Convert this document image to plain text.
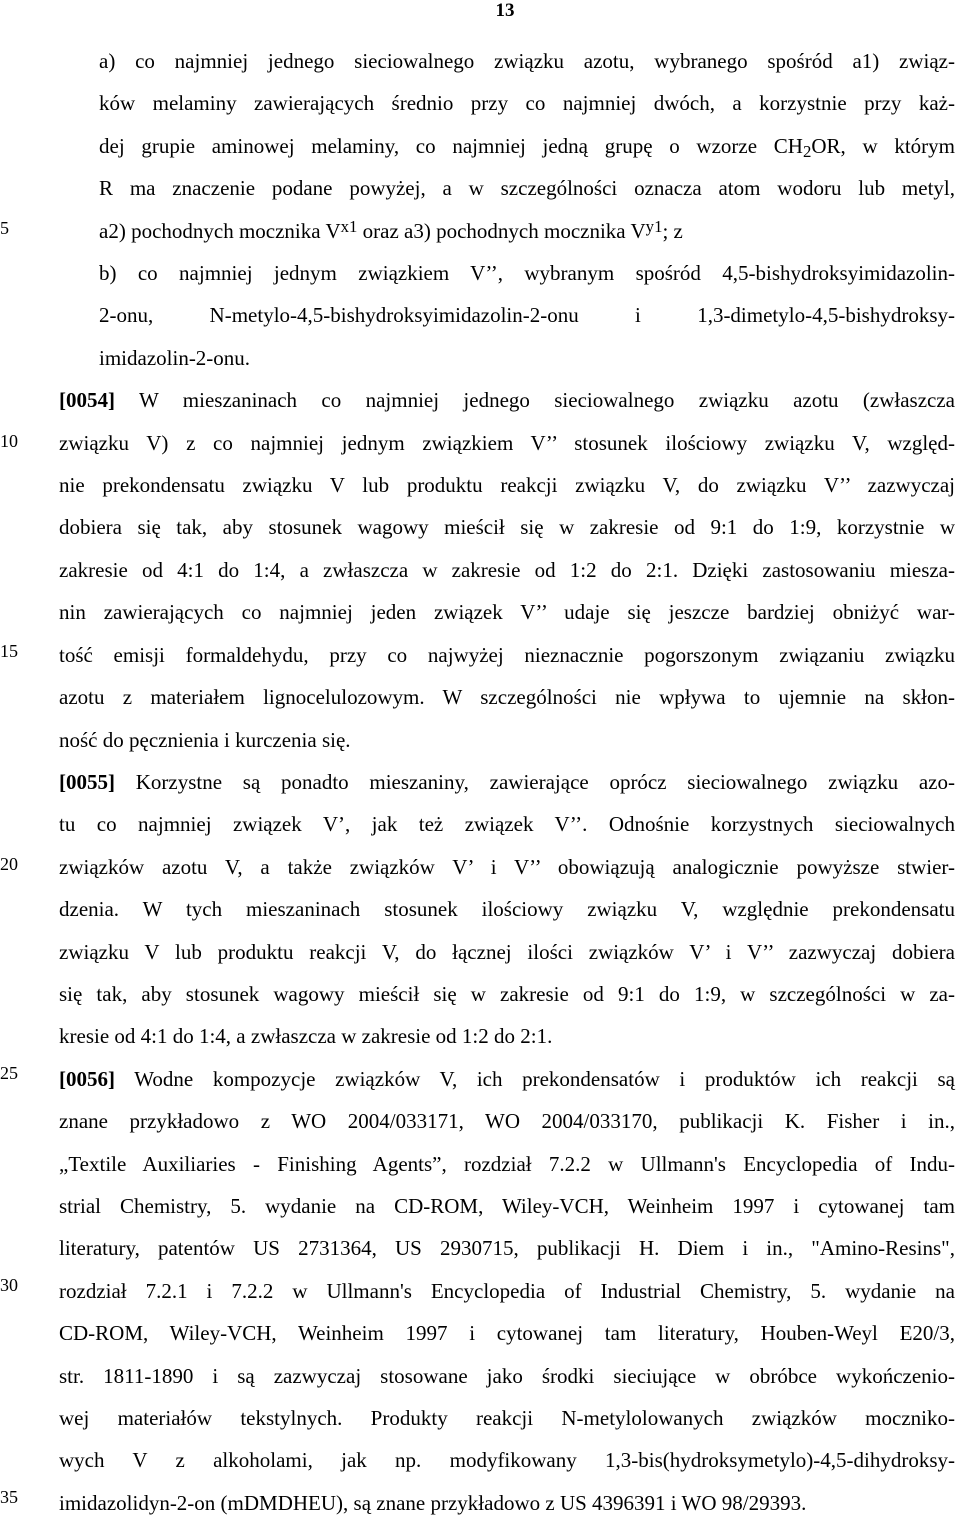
13
5
10
15
20
25
30
35
a) co najmniej jednego sieciowalnego związku azotu, wybranego spośród a1) związ-
ków melaminy zawierających średnio przy co najmniej dwóch, a korzystnie przy każ-
dej grupie aminowej melaminy, co najmniej jedną grupę o wzorze $CH_2OR$, w którym
R ma znaczenie podane powyżej, a w szczególności oznacza atom wodoru lub metyl,
a2) pochodnych mocznika $V^{x1}$ oraz a3) pochodnych mocznika $V^{y1}$; z
b) co najmniej jednym związkiem V’’, wybranym spośród 4,5-bishydroksyimidazolin-
2-onu, N-metylo-4,5-bishydroksyimidazolin-2-onu i 1,3-dimetylo-4,5-bishydroksy-
imidazolin-2-onu.
[0054] W mieszaninach co najmniej jednego sieciowalnego związku azotu (zwłaszcza
związku V) z co najmniej jednym związkiem V’’ stosunek ilościowy związku V, względ-
nie prekondensatu związku V lub produktu reakcji związku V, do związku V’’ zazwyczaj
dobiera się tak, aby stosunek wagowy mieścił się w zakresie od 9:1 do 1:9, korzystnie w
zakresie od 4:1 do 1:4, a zwłaszcza w zakresie od 1:2 do 2:1. Dzięki zastosowaniu miesza-
nin zawierających co najmniej jeden związek V’’ udaje się jeszcze bardziej obniżyć war-
tość emisji formaldehydu, przy co najwyżej nieznacznie pogorszonym związaniu związku
azotu z materiałem lignocelulozowym. W szczególności nie wpływa to ujemnie na skłon-
ność do pęcznienia i kurczenia się.
[0055] Korzystne są ponadto mieszaniny, zawierające oprócz sieciowalnego związku azo-
tu co najmniej związek V’, jak też związek V’’. Odnośnie korzystnych sieciowalnych
związków azotu V, a także związków V’ i V’’ obowiązują analogicznie powyższe stwier-
dzenia. W tych mieszaninach stosunek ilościowy związku V, względnie prekondensatu
związku V lub produktu reakcji V, do łącznej ilości związków V’ i V’’ zazwyczaj dobiera
się tak, aby stosunek wagowy mieścił się w zakresie od 9:1 do 1:9, w szczególności w za-
kresie od 4:1 do 1:4, a zwłaszcza w zakresie od 1:2 do 2:1.
[0056] Wodne kompozycje związków V, ich prekondensatów i produktów ich reakcji są
znane przykładowo z WO 2004/033171, WO 2004/033170, publikacji K. Fisher i in.,
„Textile Auxiliaries - Finishing Agents”, rozdział 7.2.2 w Ullmann's Encyclopedia of Indu-
strial Chemistry, 5. wydanie na CD-ROM, Wiley-VCH, Weinheim 1997 i cytowanej tam
literatury, patentów US 2731364, US 2930715, publikacji H. Diem i in., "Amino-Resins",
rozdział 7.2.1 i 7.2.2 w Ullmann's Encyclopedia of Industrial Chemistry, 5. wydanie na
CD-ROM, Wiley-VCH, Weinheim 1997 i cytowanej tam literatury, Houben-Weyl E20/3,
str. 1811-1890 i są zazwyczaj stosowane jako środki sieciujące w obróbce wykończenio-
wej materiałów tekstylnych. Produkty reakcji N-metylolowanych związków moczniko-
wych V z alkoholami, jak np. modyfikowany 1,3-bis(hydroksymetylo)-4,5-dihydroksy-
imidazolidyn-2-on (mDMDHEU), są znane przykładowo z US 4396391 i WO 98/29393.
